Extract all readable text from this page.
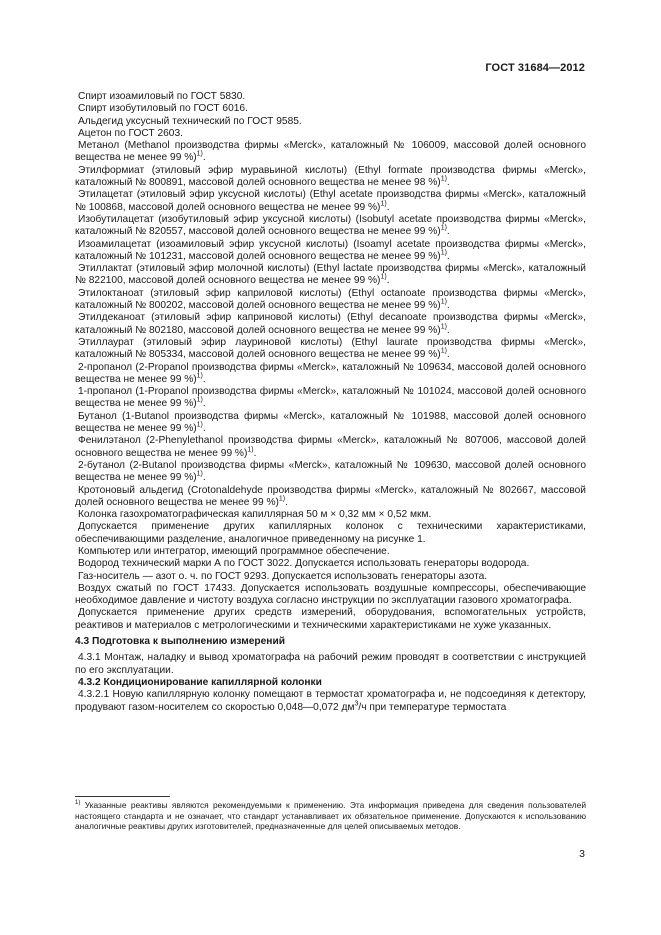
ГОСТ 31684—2012

Спирт изоамиловый по ГОСТ 5830.

Спирт изобутиловый по ГОСТ 6016.

Альдегид уксусный технический по ГОСТ 9585.

Ацетон по ГОСТ 2603.

Метанол (Methanol производства фирмы «Merck», каталожный № 106009, массовой долей основного вещества не менее 99 %)$^{1)}$.

Этилформиат (этиловый эфир муравьиной кислоты) (Ethyl formate производства фирмы «Merck», каталожный № 800891, массовой долей основного вещества не менее 98 %)$^{1)}$.

Этилацетат (этиловый эфир уксусной кислоты) (Ethyl acetate производства фирмы «Merck», каталожный № 100868, массовой долей основного вещества не менее 99 %)$^{1)}$.

Изобутилацетат (изобутиловый эфир уксусной кислоты) (Isobutyl acetate производства фирмы «Merck», каталожный № 820557, массовой долей основного вещества не менее 99 %)$^{1)}$.

Изоамилацетат (изоамиловый эфир уксусной кислоты) (Isoamyl acetate производства фирмы «Merck», каталожный № 101231, массовой долей основного вещества не менее 99 %)$^{1)}$.

Этиллактат (этиловый эфир молочной кислоты) (Ethyl lactate производства фирмы «Merck», каталожный № 822100, массовой долей основного вещества не менее 99 %)$^{1)}$.

Этилоктаноат (этиловый эфир каприловой кислоты) (Ethyl octanoate производства фирмы «Merck», каталожный № 800202, массовой долей основного вещества не менее 99 %)$^{1)}$.

Этилдеканоат (этиловый эфир каприновой кислоты) (Ethyl decanoate производства фирмы «Merck», каталожный № 802180, массовой долей основного вещества не менее 99 %)$^{1)}$.

Этиллаурат (этиловый эфир лауриновой кислоты) (Ethyl laurate производства фирмы «Merck», каталожный № 805334, массовой долей основного вещества не менее 99 %)$^{1)}$.

2-пропанол (2-Propanol производства фирмы «Merck», каталожный № 109634, массовой долей основного вещества не менее 99 %)$^{1)}$.

1-пропанол (1-Propanol производства фирмы «Merck», каталожный № 101024, массовой долей основного вещества не менее 99 %)$^{1)}$.

Бутанол (1-Butanol производства фирмы «Merck», каталожный № 101988, массовой долей основного вещества не менее 99 %)$^{1)}$.

Фенилэтанол (2-Phenylethanol производства фирмы «Merck», каталожный № 807006, массовой долей основного вещества не менее 99 %)$^{1)}$.

2-бутанол (2-Butanol производства фирмы «Merck», каталожный № 109630, массовой долей основного вещества не менее 99 %)$^{1)}$.

Кротоновый альдегид (Crotonaldehyde производства фирмы «Merck», каталожный № 802667, массовой долей основного вещества не менее 99 %)$^{1)}$.

Колонка газохроматографическая капиллярная 50 м × 0,32 мм × 0,52 мкм.

Допускается применение других капиллярных колонок с техническими характеристиками, обеспечивающими разделение, аналогичное приведенному на рисунке 1.

Компьютер или интегратор, имеющий программное обеспечение.

Водород технический марки А по ГОСТ 3022. Допускается использовать генераторы водорода.

Газ-носитель — азот о. ч. по ГОСТ 9293. Допускается использовать генераторы азота.

Воздух сжатый по ГОСТ 17433. Допускается использовать воздушные компрессоры, обеспечивающие необходимое давление и чистоту воздуха согласно инструкции по эксплуатации газового хроматографа.

Допускается применение других средств измерений, оборудования, вспомогательных устройств, реактивов и материалов с метрологическими и техническими характеристиками не хуже указанных.

4.3 Подготовка к выполнению измерений

4.3.1 Монтаж, наладку и вывод хроматографа на рабочий режим проводят в соответствии с инструкцией по его эксплуатации.

4.3.2 Кондиционирование капиллярной колонки

4.3.2.1 Новую капиллярную колонку помещают в термостат хроматографа и, не подсоединяя к детектору, продувают газом-носителем со скоростью 0,048—0,072 $дм^3/ч$ при температуре термостата

$^{1)}$ Указанные реактивы являются рекомендуемыми к применению. Эта информация приведена для сведения пользователей настоящего стандарта и не означает, что стандарт устанавливает их обязательное применение. Допускаются к использованию аналогичные реактивы других изготовителей, предназначенные для целей описываемых методов.
3
